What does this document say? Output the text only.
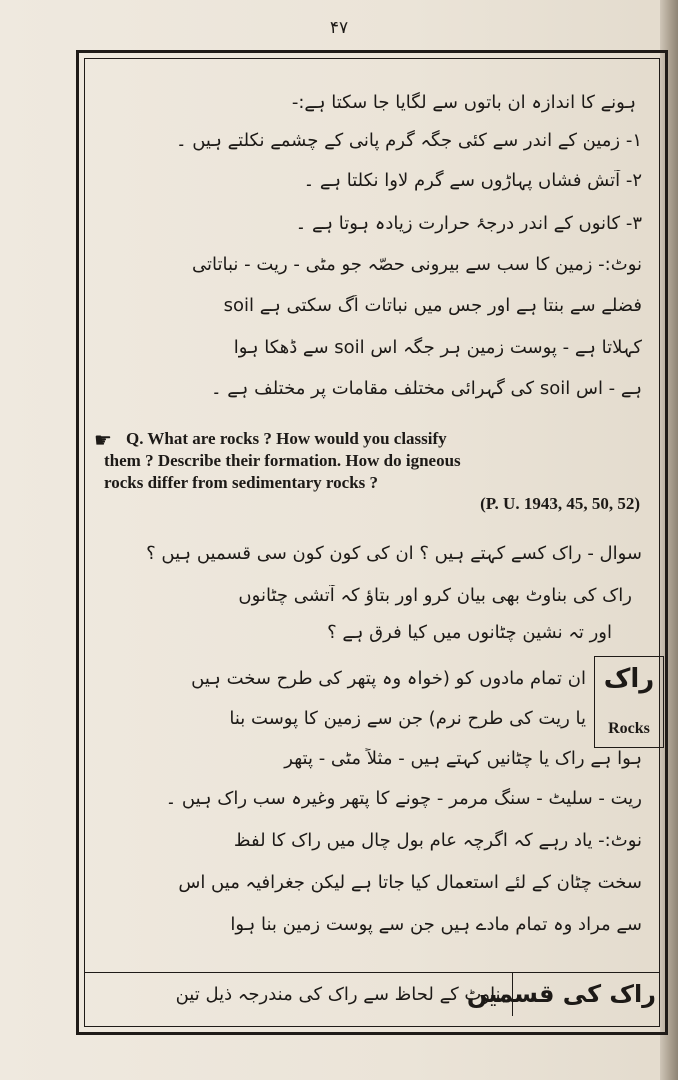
۴۷
ہونے کا اندازہ ان باتوں سے لگایا جا سکتا ہے:-
۱- زمین کے اندر سے کئی جگہ گرم پانی کے چشمے نکلتے ہیں ۔
۲- آتش فشاں پہاڑوں سے گرم لاوا نکلتا ہے ۔
۳- کانوں کے اندر درجۂ حرارت زیادہ ہوتا ہے ۔
نوٹ:- زمین کا سب سے بیرونی حصّہ جو مٹی - ریت - نباتاتی
فضلے سے بنتا ہے اور جس میں نباتات اُگ سکتی ہے soil
کہلاتا ہے - پوست زمین ہر جگہ اس soil سے ڈھکا ہوا
ہے - اس soil کی گہرائی مختلف مقامات پر مختلف ہے ۔
☛ Q. What are rocks ? How would you classify
them ? Describe their formation. How do igneous
rocks differ from sedimentary rocks ?
(P. U. 1943, 45, 50, 52)
سوال - راک کسے کہتے ہیں ؟ ان کی کون کون سی قسمیں ہیں ؟
راک کی بناوٹ بھی بیان کرو اور بتاؤ کہ آتشی چٹانوں
اور تہ نشین چٹانوں میں کیا فرق ہے ؟
راک
Rocks
ان تمام مادوں کو (خواہ وہ پتھر کی طرح سخت ہیں
یا ریت کی طرح نرم) جن سے زمین کا پوست بنا
ہوا ہے راک یا چٹانیں کہتے ہیں - مثلاً مٹی - پتھر
ریت - سلیٹ - سنگ مرمر - چونے کا پتھر وغیرہ سب راک ہیں ۔
نوٹ:- یاد رہے کہ اگرچہ عام بول چال میں راک کا لفظ
سخت چٹان کے لئے استعمال کیا جاتا ہے لیکن جغرافیہ میں اس
سے مراد وہ تمام مادے ہیں جن سے پوست زمین بنا ہوا
راک کی قسمیں
بناوٹ کے لحاظ سے راک کی مندرجہ ذیل تین
